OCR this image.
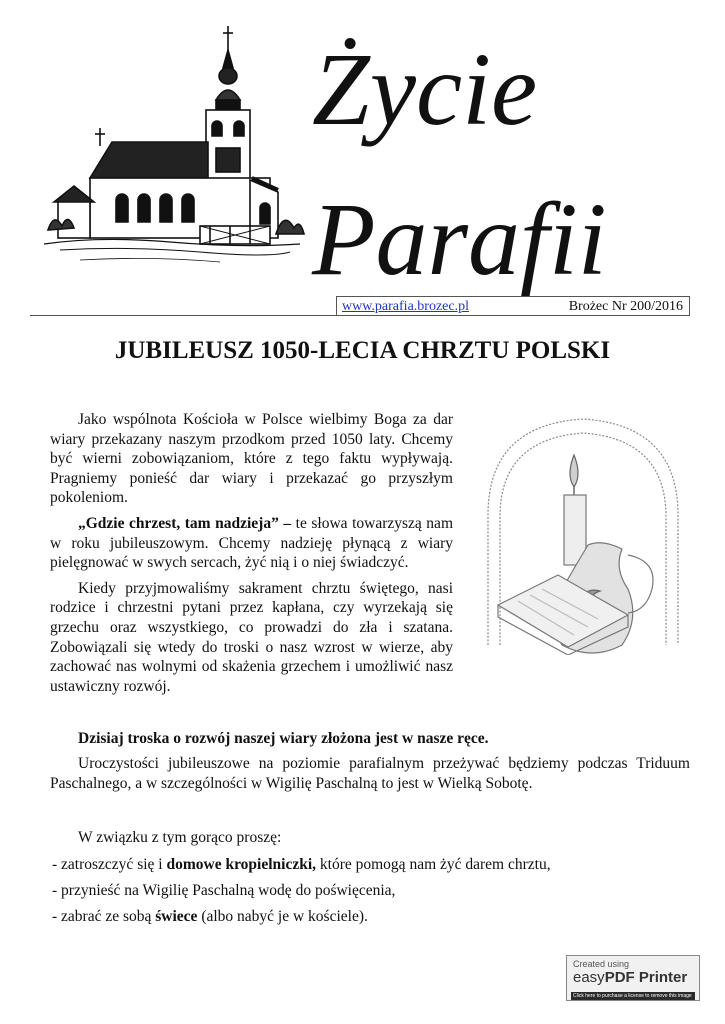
Życie
Parafii
www.parafia.brozec.pl	Brożec Nr 200/2016
JUBILEUSZ 1050-LECIA CHRZTU POLSKI

Jako wspólnota Kościoła w Polsce wielbimy Boga za dar wiary przekazany naszym przodkom przed 1050 laty. Chcemy być wierni zobowiązaniom, które z tego faktu wypływają. Pragniemy ponieść dar wiary i przekazać go przyszłym pokoleniom.

„Gdzie chrzest, tam nadzieja” – te słowa towarzyszą nam w roku jubileuszowym. Chcemy nadzieję płynącą z wiary pielęgnować w swych sercach, żyć nią i o niej świadczyć.

Kiedy przyjmowaliśmy sakrament chrztu świętego, nasi rodzice i chrzestni pytani przez kapłana, czy wyrzekają się grzechu oraz wszystkiego, co prowadzi do zła i szatana. Zobowiązali się wtedy do troski o nasz wzrost w wierze, aby zachować nas wolnymi od skażenia grzechem i umożliwić nasz ustawiczny rozwój.

Dzisiaj troska o rozwój naszej wiary złożona jest w nasze ręce.

Uroczystości jubileuszowe na poziomie parafialnym przeżywać będziemy podczas Triduum Paschalnego, a w szczególności w Wigilię Paschalną to jest w Wielką Sobotę.

W związku z tym gorąco proszę:

- zatroszczyć się i domowe kropielniczki, które pomogą nam żyć darem chrztu,
- przynieść na Wigilię Paschalną wodę do poświęcenia,
- zabrać ze sobą świece (albo nabyć je w kościele).
Created using
easyPDF Printer
Click here to purchase a license to remove this image
